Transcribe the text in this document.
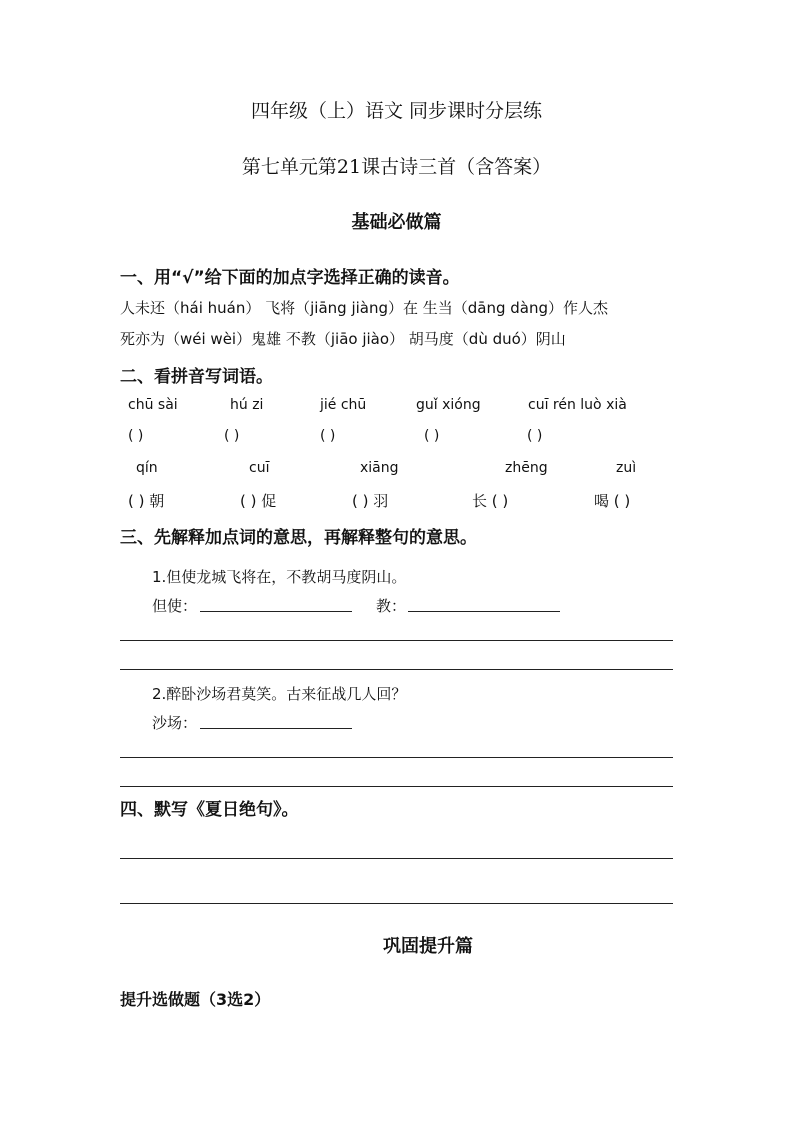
四年级（上）语文 同步课时分层练
第七单元第21课古诗三首（含答案）
基础必做篇
一、用“√”给下面的加点字选择正确的读音。
人未还（hái huán） 飞将（jiāng jiàng）在 生当（dāng dàng）作人杰
死亦为（wéi wèi）鬼雄 不教（jiāo jiào） 胡马度（dù duó）阴山
二、看拼音写词语。
chū sài	hú zi	jié chū	guǐ xióng	cuī rén luò xià
( )	( )	( )	( )	( )
qín	cuī	xiāng	zhēng	zuì
( ) 朝	( ) 促	( ) 羽	长 ( )	喝 ( )
三、先解释加点词的意思，再解释整句的意思。
1.但使龙城飞将在，不教胡马度阴山。
但使：	教：
2.醉卧沙场君莫笑。古来征战几人回？
沙场：
四、默写《夏日绝句》。
巩固提升篇
提升选做题（3选2）
